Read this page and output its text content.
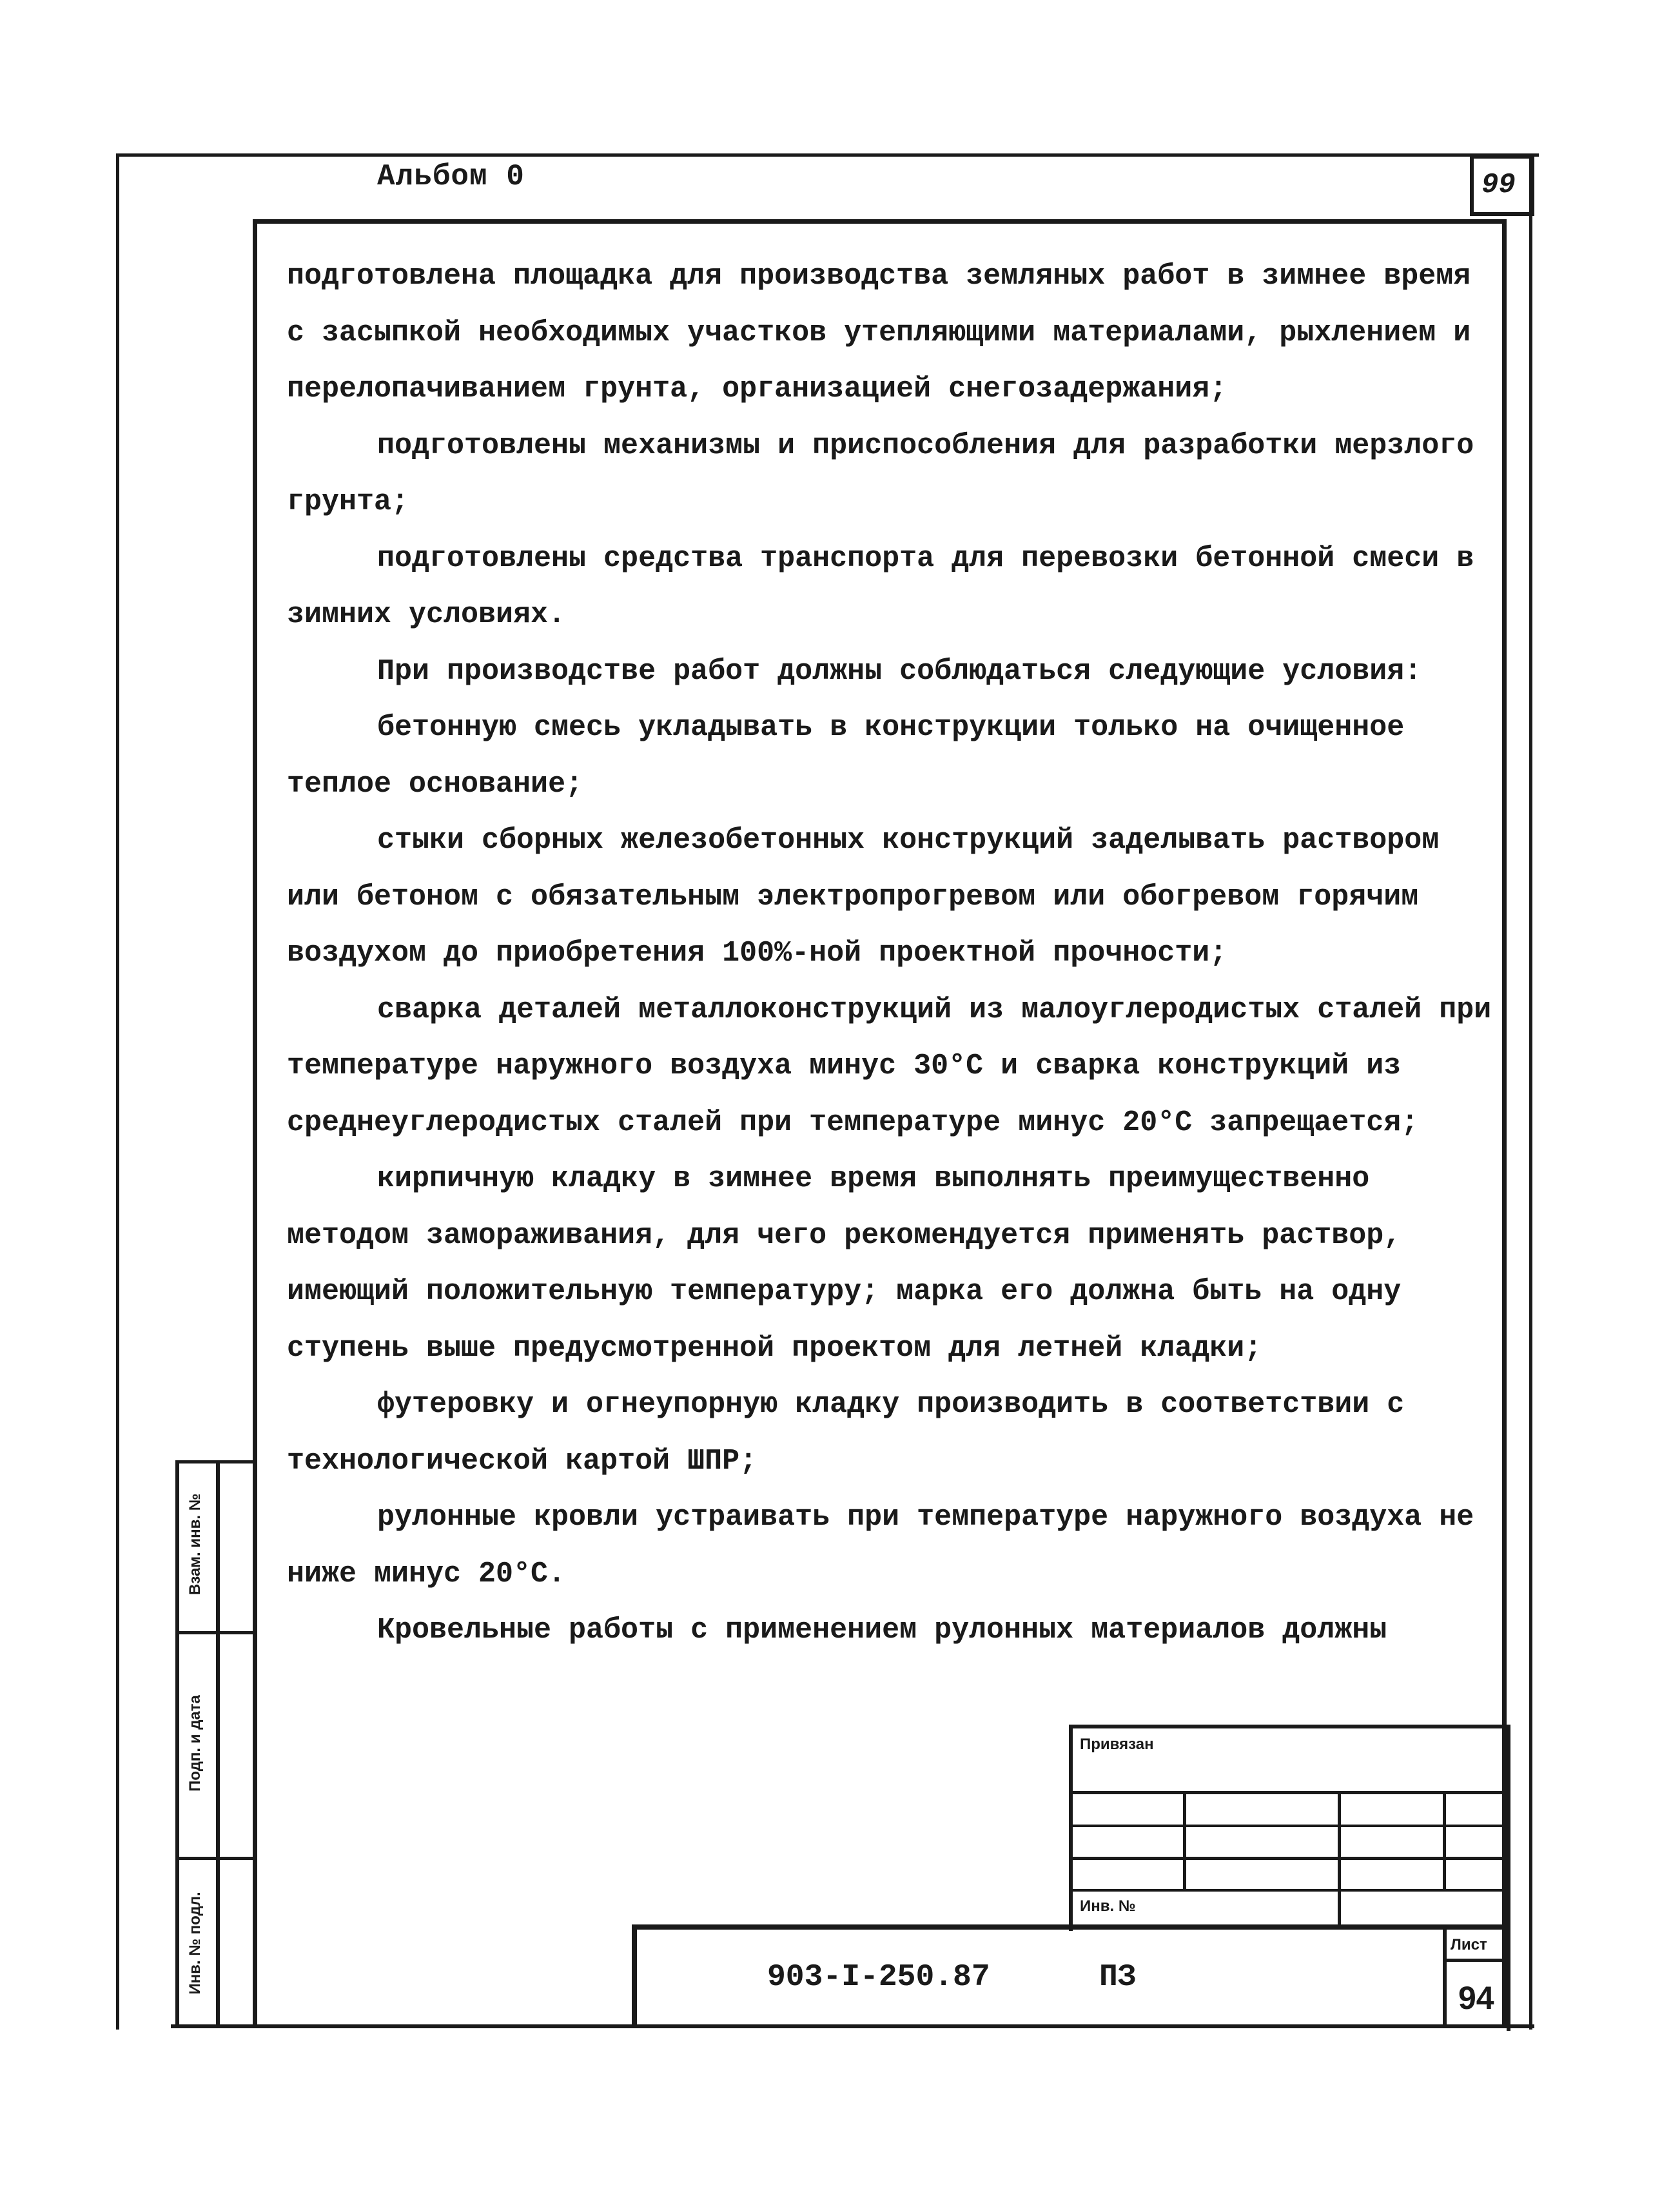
Альбом 0	99

подготовлена площадка для производства земляных работ в зимнее время с засыпкой необходимых участков утепляющими материалами, рыхлением и перелопачиванием грунта, организацией снегозадержания;

подготовлены механизмы и приспособления для разработки мерзлого грунта;

подготовлены средства транспорта для перевозки бетонной смеси в зимних условиях.

При производстве работ должны соблюдаться следующие условия:

бетонную смесь укладывать в конструкции только на очищенное теплое основание;

стыки сборных железобетонных конструкций заделывать раствором или бетоном с обязательным электропрогревом или обогревом горячим воздухом до приобретения 100%-ной проектной прочности;

сварка деталей металлоконструкций из малоуглеродистых сталей при температуре наружного воздуха минус 30°С и сварка конструкций из среднеуглеродистых сталей при температуре минус 20°С запрещается;

кирпичную кладку в зимнее время выполнять преимущественно методом замораживания, для чего рекомендуется применять раствор, имеющий положительную температуру; марка его должна быть на одну ступень выше предусмотренной проектом для летней кладки;

футеровку и огнеупорную кладку производить в соответствии с технологической картой ШПР;

рулонные кровли устраивать при температуре наружного воздуха не ниже минус 20°С.

Кровельные работы с применением рулонных материалов должны

Взам. инв. №
Подп. и дата
Инв. № подл.
Привязан
Инв. №
903-I-250.87	ПЗ
Лист
94
